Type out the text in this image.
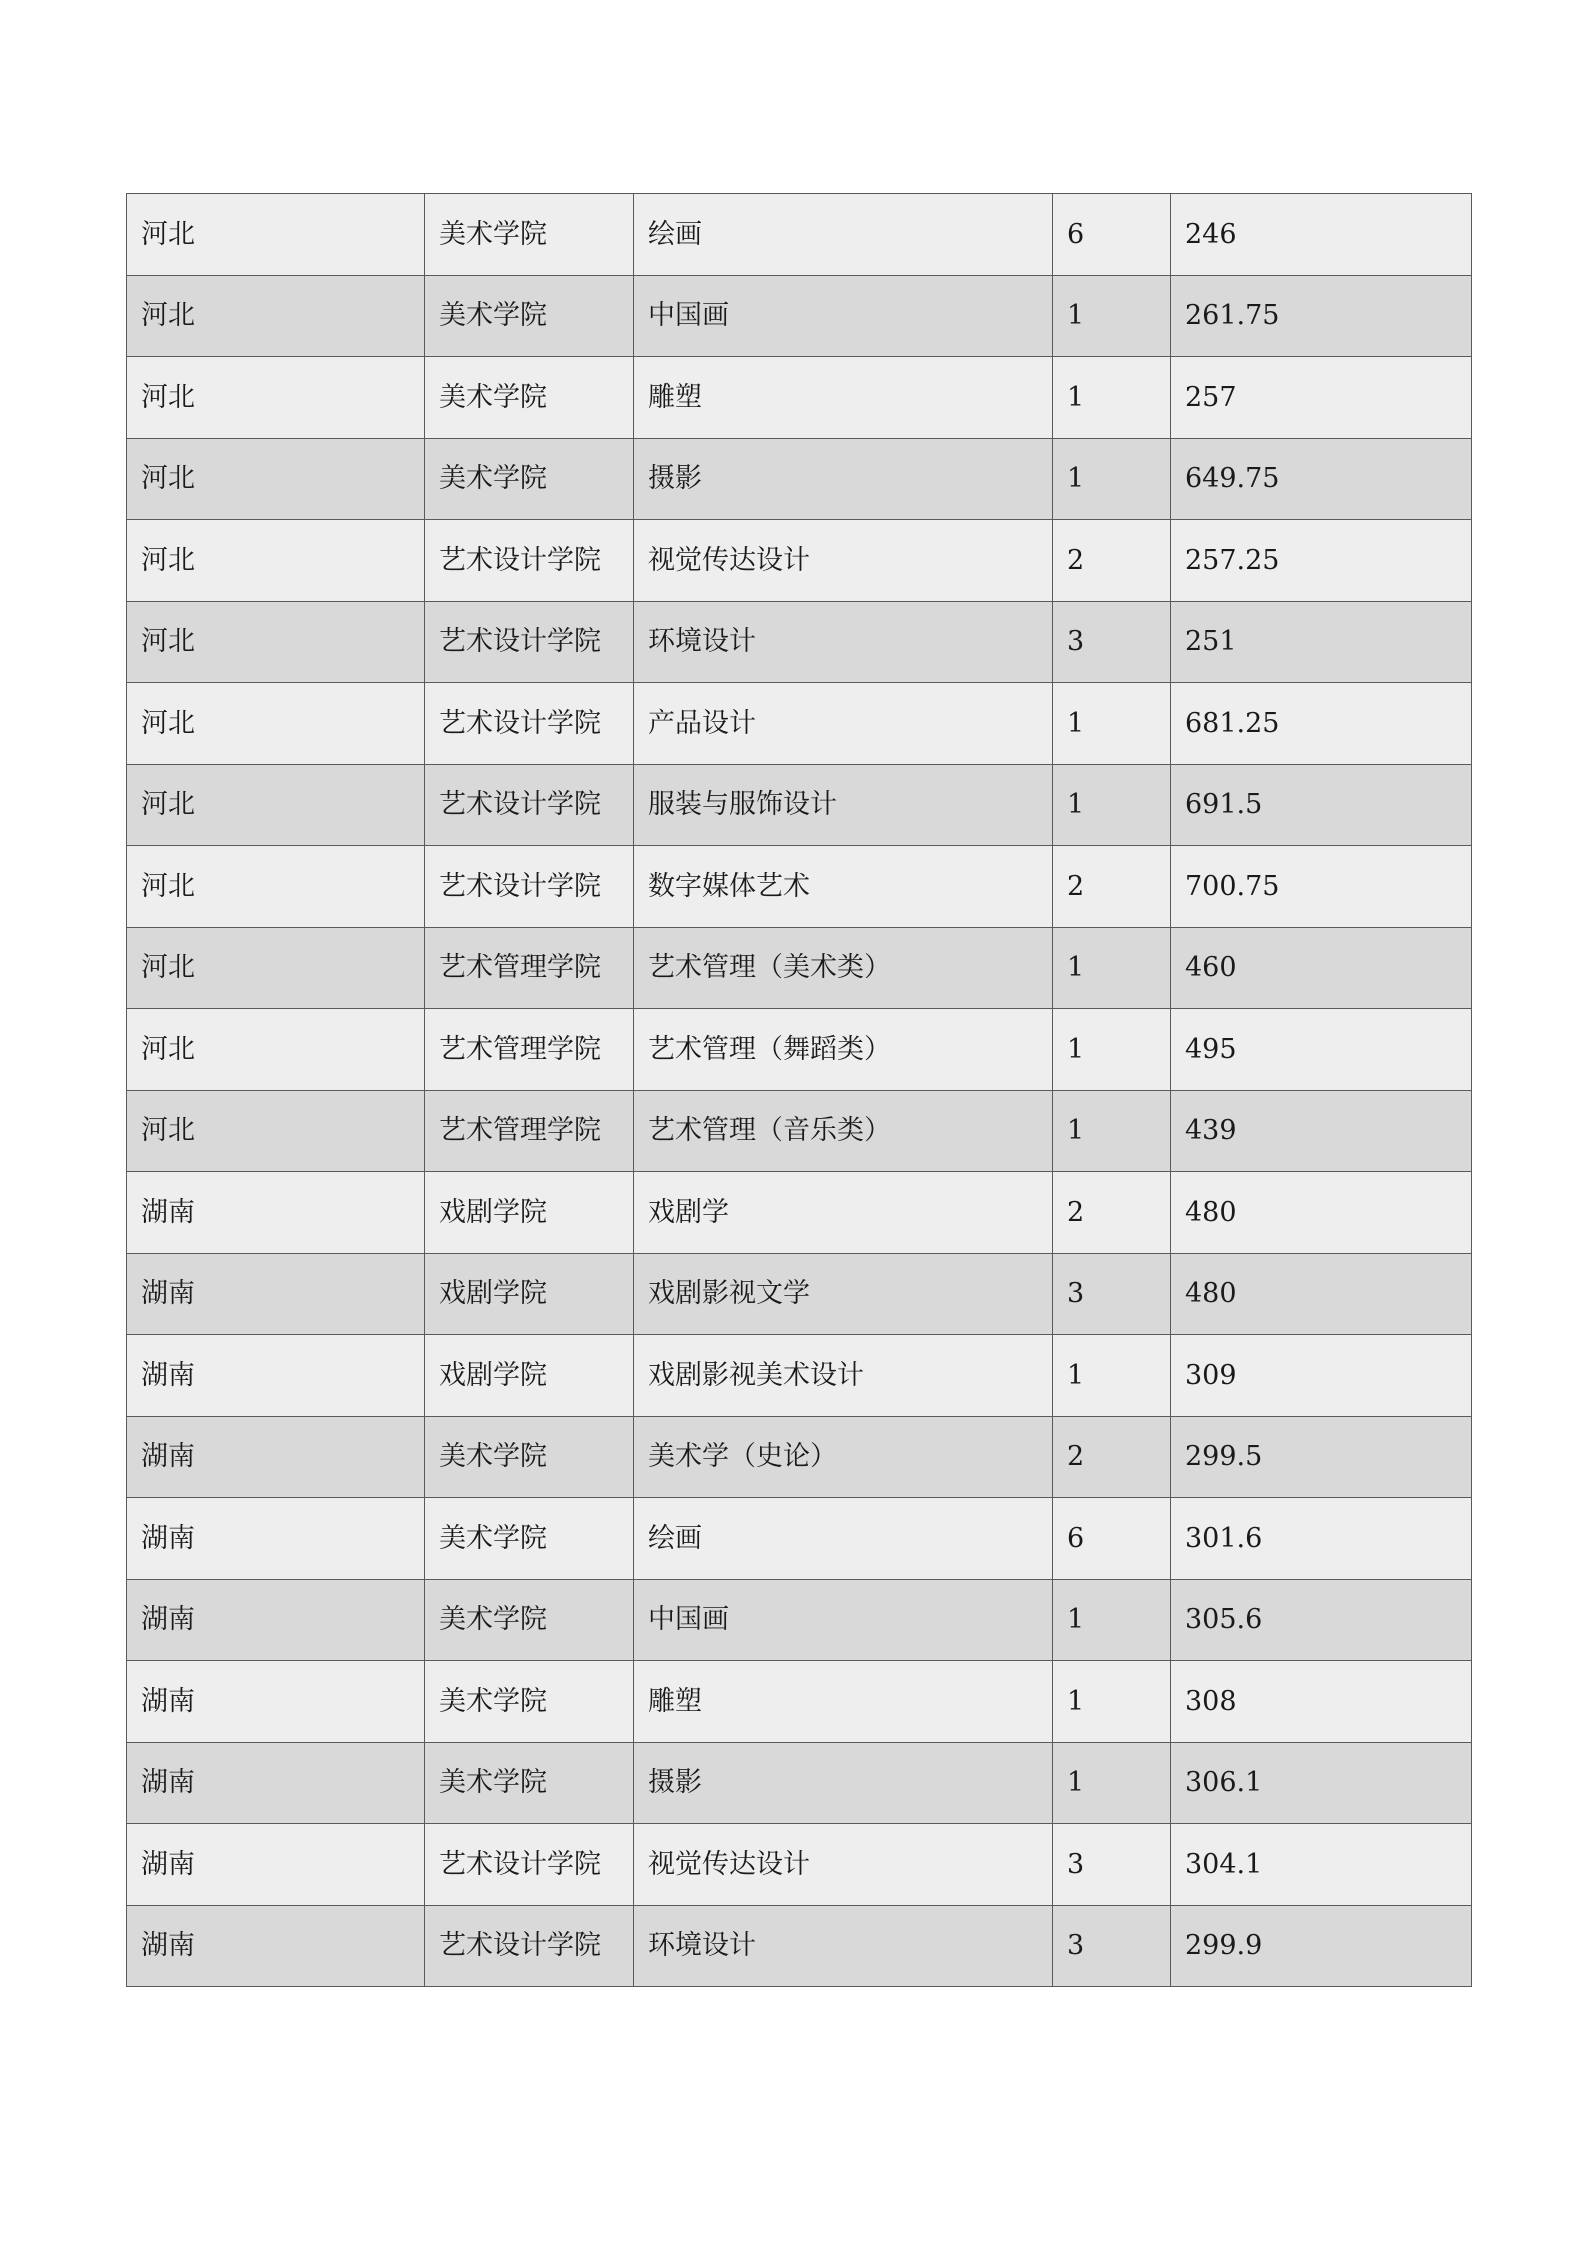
河北	美术学院	绘画	6	246
河北	美术学院	中国画	1	261.75
河北	美术学院	雕塑	1	257
河北	美术学院	摄影	1	649.75
河北	艺术设计学院	视觉传达设计	2	257.25
河北	艺术设计学院	环境设计	3	251
河北	艺术设计学院	产品设计	1	681.25
河北	艺术设计学院	服装与服饰设计	1	691.5
河北	艺术设计学院	数字媒体艺术	2	700.75
河北	艺术管理学院	艺术管理（美术类）	1	460
河北	艺术管理学院	艺术管理（舞蹈类）	1	495
河北	艺术管理学院	艺术管理（音乐类）	1	439
湖南	戏剧学院	戏剧学	2	480
湖南	戏剧学院	戏剧影视文学	3	480
湖南	戏剧学院	戏剧影视美术设计	1	309
湖南	美术学院	美术学（史论）	2	299.5
湖南	美术学院	绘画	6	301.6
湖南	美术学院	中国画	1	305.6
湖南	美术学院	雕塑	1	308
湖南	美术学院	摄影	1	306.1
湖南	艺术设计学院	视觉传达设计	3	304.1
湖南	艺术设计学院	环境设计	3	299.9
